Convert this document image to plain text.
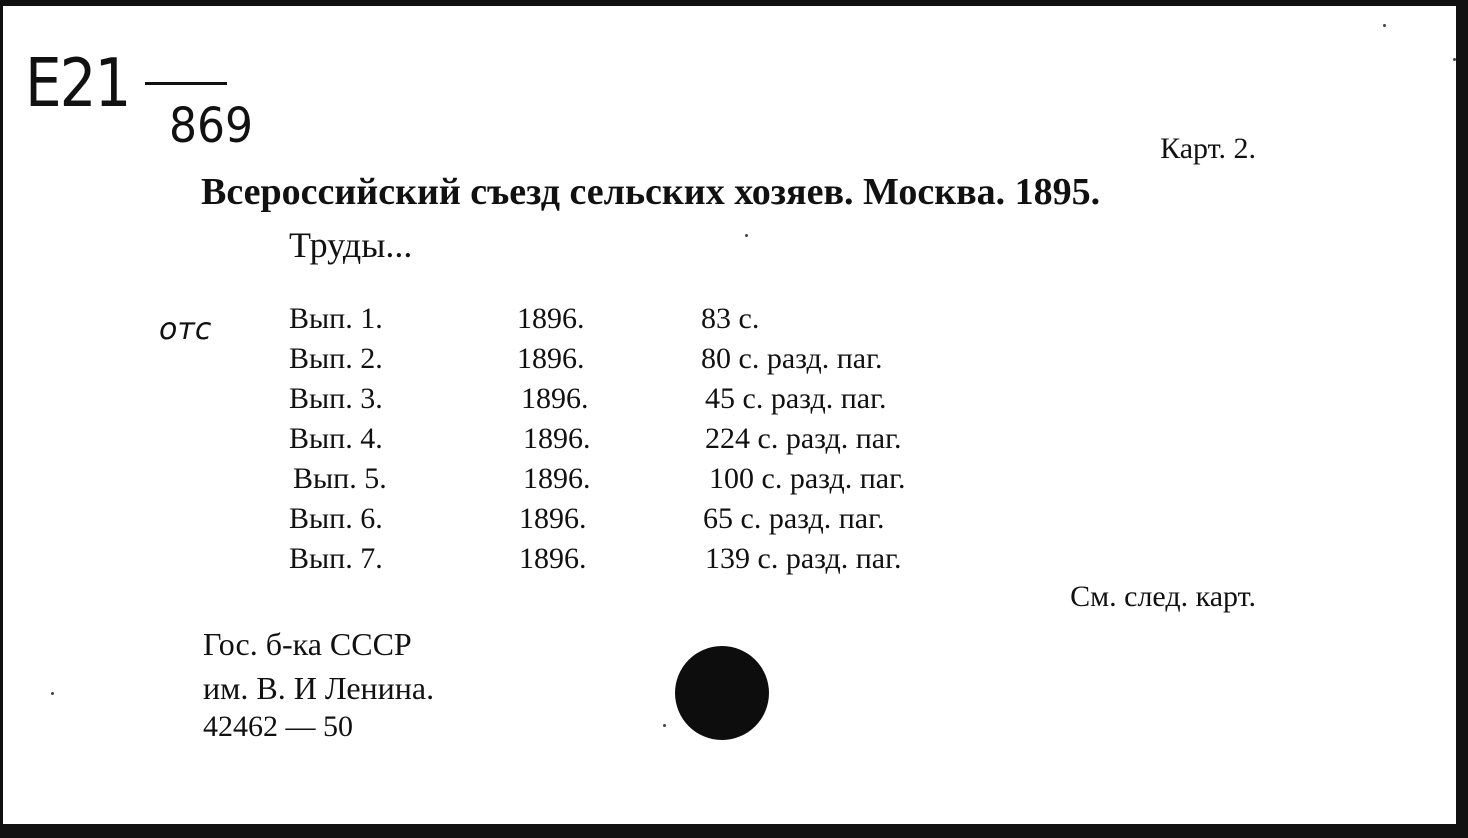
E21
869
отс
Карт. 2.
Всероссийский съезд сельских хозяев. Москва. 1895.
Труды...
Вып. 1.	1896.	83 с.
Вып. 2.	1896.	80 с. разд. паг.
Вып. 3.	1896.	45 с. разд. паг.
Вып. 4.	1896.	224 с. разд. паг.
Вып. 5.	1896.	100 с. разд. паг.
Вып. 6.	1896.	65 с. разд. паг.
Вып. 7.	1896.	139 с. разд. паг.
См. след. карт.
Гос. б-ка СССР
им. В. И Ленина.
42462 — 50
